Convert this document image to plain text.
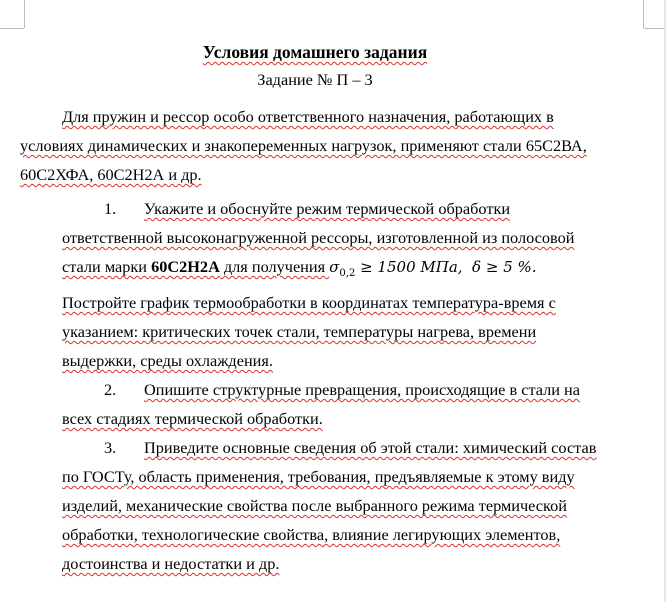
Условия домашнего задания
Задание № П – 3

Для пружин и рессор особо ответственного назначения, работающих в условиях динамических и знакопеременных нагрузок, применяют стали 65С2ВА, 60С2ХФА, 60С2Н2А и др.

1. Укажите и обоснуйте режим термической обработки ответственной высоконагруженной рессоры, изготовленной из полосовой стали марки 60С2Н2А для получения $\sigma_{0,2} \ge 1500$ МПа,  δ ≥ 5 %. Постройте график термообработки в координатах температура-время с указанием: критических точек стали, температуры нагрева, времени выдержки, среды охлаждения.

2. Опишите структурные превращения, происходящие в стали на всех стадиях термической обработки.

3. Приведите основные сведения об этой стали: химический состав по ГОСТу, область применения, требования, предъявляемые к этому виду изделий, механические свойства после выбранного режима термической обработки, технологические свойства, влияние легирующих элементов, достоинства и недостатки и др.
